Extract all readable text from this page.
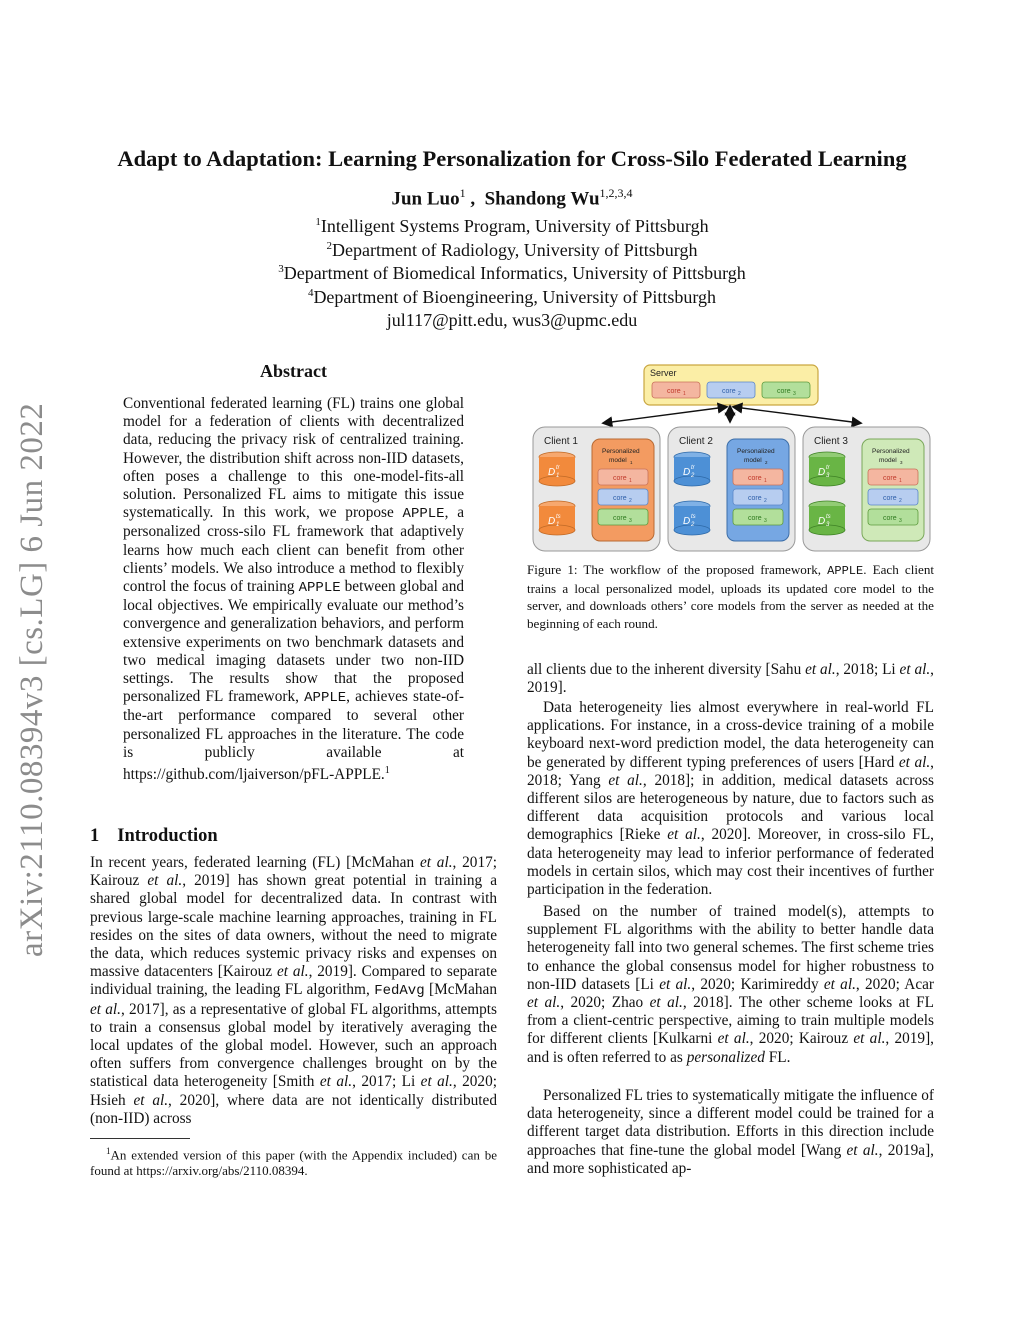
arXiv:2110.08394v3 [cs.LG] 6 Jun 2022
Adapt to Adaptation: Learning Personalization for Cross-Silo Federated Learning
Jun Luo$^1$ ,  Shandong Wu$^{1,2,3,4}$
$^1$Intelligent Systems Program, University of Pittsburgh
$^2$Department of Radiology, University of Pittsburgh
$^3$Department of Biomedical Informatics, University of Pittsburgh
$^4$Department of Bioengineering, University of Pittsburgh
jul117@pitt.edu, wus3@upmc.edu
Abstract
Conventional federated learning (FL) trains one global model for a federation of clients with decentralized data, reducing the privacy risk of centralized training. However, the distribution shift across non-IID datasets, often poses a challenge to this one-model-fits-all solution. Personalized FL aims to mitigate this issue systematically. In this work, we propose APPLE, a personalized cross-silo FL framework that adaptively learns how much each client can benefit from other clients’ models. We also introduce a method to flexibly control the focus of training APPLE between global and local objectives. We empirically evaluate our method’s convergence and generalization behaviors, and perform extensive experiments on two benchmark datasets and two medical imaging datasets under two non-IID settings. The results show that the proposed personalized FL framework, APPLE, achieves state-of-the-art performance compared to several other personalized FL approaches in the literature. The code is publicly available at https://github.com/ljaiverson/pFL-APPLE.$^1$
1 Introduction
In recent years, federated learning (FL) [McMahan et al., 2017; Kairouz et al., 2019] has shown great potential in training a shared global model for decentralized data. In contrast with previous large-scale machine learning approaches, training in FL resides on the sites of data owners, without the need to migrate the data, which reduces systemic privacy risks and expenses on massive datacenters [Kairouz et al., 2019]. Compared to separate individual training, the leading FL algorithm, FedAvg [McMahan et al., 2017], as a representative of global FL algorithms, attempts to train a consensus global model by iteratively averaging the local updates of the global model. However, such an approach often suffers from convergence challenges brought on by the statistical data heterogeneity [Smith et al., 2017; Li et al., 2020; Hsieh et al., 2020], where data are not identically distributed (non-IID) across
$^1$An extended version of this paper (with the Appendix included) can be found at https://arxiv.org/abs/2110.08394.
Server
core 1	core 2	core 3
Client 1
D tr
1
D ts
1
Personalized
model 1
core 1
core 2
core 3
Client 2
D tr
2
D ts
2
Personalized
model 2
core 1
core 2
core 3
Client 3
D tr
3
D ts
3
Personalized
model 3
core 1
core 2
core 3
Figure 1: The workflow of the proposed framework, APPLE. Each client trains a local personalized model, uploads its updated core model to the server, and downloads others’ core models from the server as needed at the beginning of each round.
all clients due to the inherent diversity [Sahu et al., 2018; Li et al., 2019].
Data heterogeneity lies almost everywhere in real-world FL applications. For instance, in a cross-device training of a mobile keyboard next-word prediction model, the data heterogeneity can be generated by different typing preferences of users [Hard et al., 2018; Yang et al., 2018]; in addition, medical datasets across different silos are heterogeneous by nature, due to factors such as different data acquisition protocols and various local demographics [Rieke et al., 2020]. Moreover, in cross-silo FL, data heterogeneity may lead to inferior performance of federated models in certain silos, which may cost their incentives of further participation in the federation.
Based on the number of trained model(s), attempts to supplement FL algorithms with the ability to better handle data heterogeneity fall into two general schemes. The first scheme tries to enhance the global consensus model for higher robustness to non-IID datasets [Li et al., 2020; Karimireddy et al., 2020; Acar et al., 2020; Zhao et al., 2018]. The other scheme looks at FL from a client-centric perspective, aiming to train multiple models for different clients [Kulkarni et al., 2020; Kairouz et al., 2019], and is often referred to as personalized FL.
Personalized FL tries to systematically mitigate the influence of data heterogeneity, since a different model could be trained for a different target data distribution. Efforts in this direction include approaches that fine-tune the global model [Wang et al., 2019a], and more sophisticated ap-
